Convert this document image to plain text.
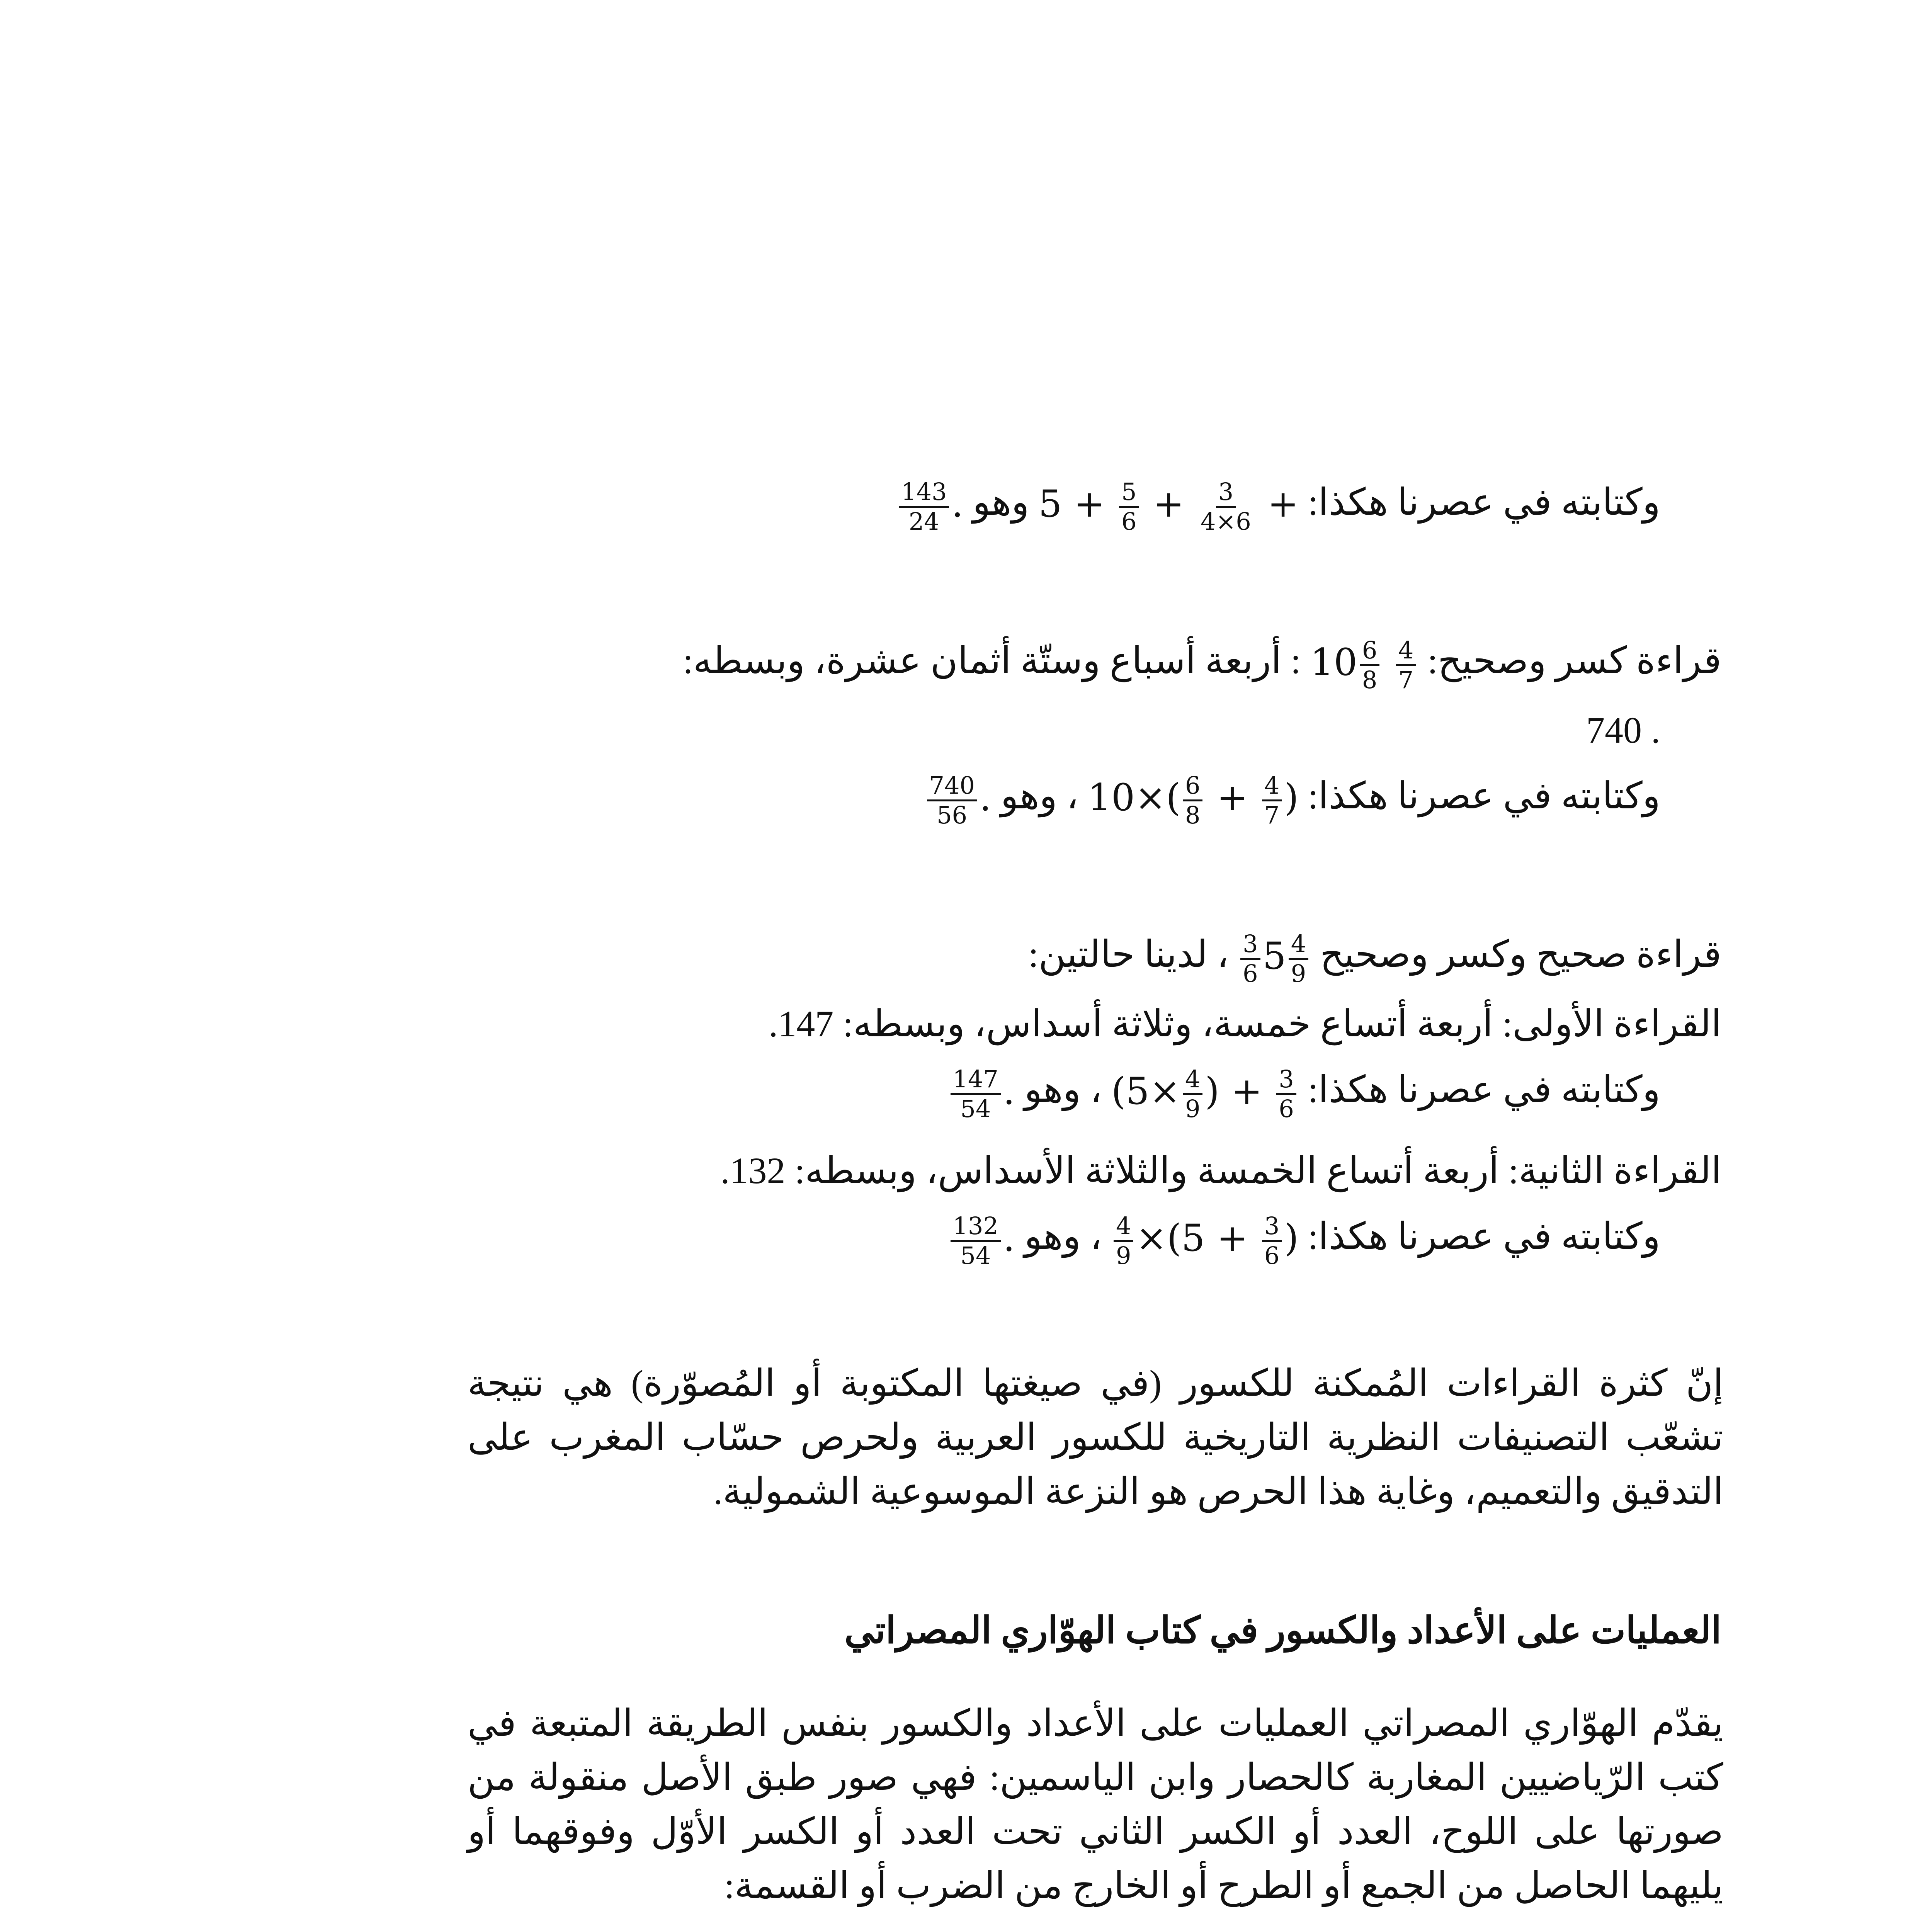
وكتابته في عصرنا هكذا: $5 + \frac{5}{6} + \frac{3}{4\times 6}$ + وهو
$\frac{143}{24}$ .
قراءة كسر وصحيح: $10 \frac{6}{8}$
$\frac{4}{7}$
: أربعة أسباع وستّة أثمان عشرة، وبسطه:
. 740
وكتابته في عصرنا هكذا: $10\times( \frac{6}{8} + \frac{4}{7}$ ) ، وهو
$\frac{740}{56}$ .
قراءة صحيح وكسر وصحيح
$\frac{3}{6} 5 \frac{4}{9}$
، لدينا حالتين:
القراءة الأولى: أربعة أتساع خمسة، وثلاثة أسداس، وبسطه: 147.
وكتابته في عصرنا هكذا: ($5\times \frac{4}{9}$ ) + $\frac{3}{6}$
، وهو
$\frac{147}{54}$ .
القراءة الثانية: أربعة أتساع الخمسة والثلاثة الأسداس، وبسطه: 132.
وكتابته في عصرنا هكذا:
$\frac{4}{9} \times(5 + \frac{3}{6}$ ) ، وهو
$\frac{132}{54}$ .
إنّ كثرة القراءات المُمكنة للكسور (في صيغتها المكتوبة أو المُصوّرة) هي نتيجة تشعّب التصنيفات النظرية التاريخية للكسور العربية ولحرص حسّاب المغرب على التدقيق والتعميم، وغاية هذا الحرص هو النزعة الموسوعية الشمولية.
العمليات على الأعداد والكسور في كتاب الهوّاري المصراتي
يقدّم الهوّاري المصراتي العمليات على الأعداد والكسور بنفس الطريقة المتبعة في كتب الرّياضيين المغاربة كالحصار وابن الياسمين: فهي صور طبق الأصل منقولة من صورتها على اللوح، العدد أو الكسر الثاني تحت العدد أو الكسر الأوّل وفوقهما أو يليهما الحاصل من الجمع أو الطرح أو الخارج من الضرب أو القسمة:
